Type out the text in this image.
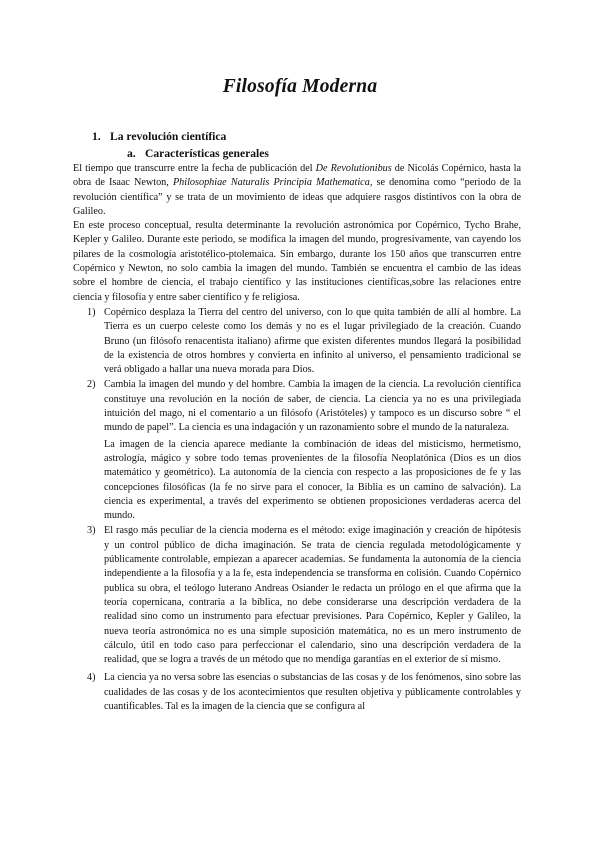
Filosofía Moderna
1. La revolución científica
a. Características generales

El tiempo que transcurre entre la fecha de publicación del De Revolutionibus de Nicolás Copérnico, hasta la obra de Isaac Newton, Philosophiae Naturalis Principia Mathematica, se denomina como “periodo de la revolución científica” y se trata de un movimiento de ideas que adquiere rasgos distintivos con la obra de Galileo.

En este proceso conceptual, resulta determinante la revolución astronómica por Copérnico, Tycho Brahe, Kepler y Galileo. Durante este periodo, se modifica la imagen del mundo, progresivamente, van cayendo los pilares de la cosmología aristotélico-ptolemaica. Sin embargo, durante los 150 años que transcurren entre Copérnico y Newton, no solo cambia la imagen del mundo. También se encuentra el cambio de las ideas sobre el hombre de ciencia, el trabajo científico y las instituciones científicas,sobre las relaciones entre ciencia y filosofía y entre saber científico y fe religiosa.

1) Copérnico desplaza la Tierra del centro del universo, con lo que quita también de allí al hombre. La Tierra es un cuerpo celeste como los demás y no es el lugar privilegiado de la creación. Cuando Bruno (un filósofo renacentista italiano) afirme que existen diferentes mundos llegará la posibilidad de la existencia de otros hombres y convierta en infinito al universo, el pensamiento tradicional se verá obligado a hallar una nueva morada para Dios.

2) Cambia la imagen del mundo y del hombre. Cambia la imagen de la ciencia. La revolución científica constituye una revolución en la noción de saber, de ciencia. La ciencia ya no es una privilegiada intuición del mago, ni el comentario a un filósofo (Aristóteles) y tampoco es un discurso sobre “ el mundo de papel”. La ciencia es una indagación y un razonamiento sobre el mundo de la naturaleza.

La imagen de la ciencia aparece mediante la combinación de ideas del misticismo, hermetismo, astrología, mágico y sobre todo temas provenientes de la filosofía Neoplatónica (Dios es un dios matemático y geométrico). La autonomía de la ciencia con respecto a las proposiciones de fe y las concepciones filosóficas (la fe no sirve para el conocer, la Biblia es un camino de salvación). La ciencia es experimental, a través del experimento se obtienen proposiciones verdaderas acerca del mundo.

3) El rasgo más peculiar de la ciencia moderna es el método: exige imaginación y creación de hipótesis y un control público de dicha imaginación. Se trata de ciencia regulada metodológicamente y públicamente controlable, empiezan a aparecer academias. Se fundamenta la autonomía de la ciencia independiente a la filosofía y a la fe, esta independencia se transforma en colisión. Cuando Copérnico publica su obra, el teólogo luterano Andreas Osiander le redacta un prólogo en el que afirma que la teoría copernicana, contraria a la bíblica, no debe considerarse una descripción verdadera de la realidad sino como un instrumento para efectuar previsiones. Para Copérnico, Kepler y Galileo, la nueva teoría astronómica no es una simple suposición matemática, no es un mero instrumento de cálculo, útil en todo caso para perfeccionar el calendario, sino una descripción verdadera de la realidad, que se logra a través de un método que no mendiga garantías en el exterior de sí mismo.

4) La ciencia ya no versa sobre las esencias o substancias de las cosas y de los fenómenos, sino sobre las cualidades de las cosas y de los acontecimientos que resulten objetiva y públicamente controlables y cuantificables. Tal es la imagen de la ciencia que se configura al
